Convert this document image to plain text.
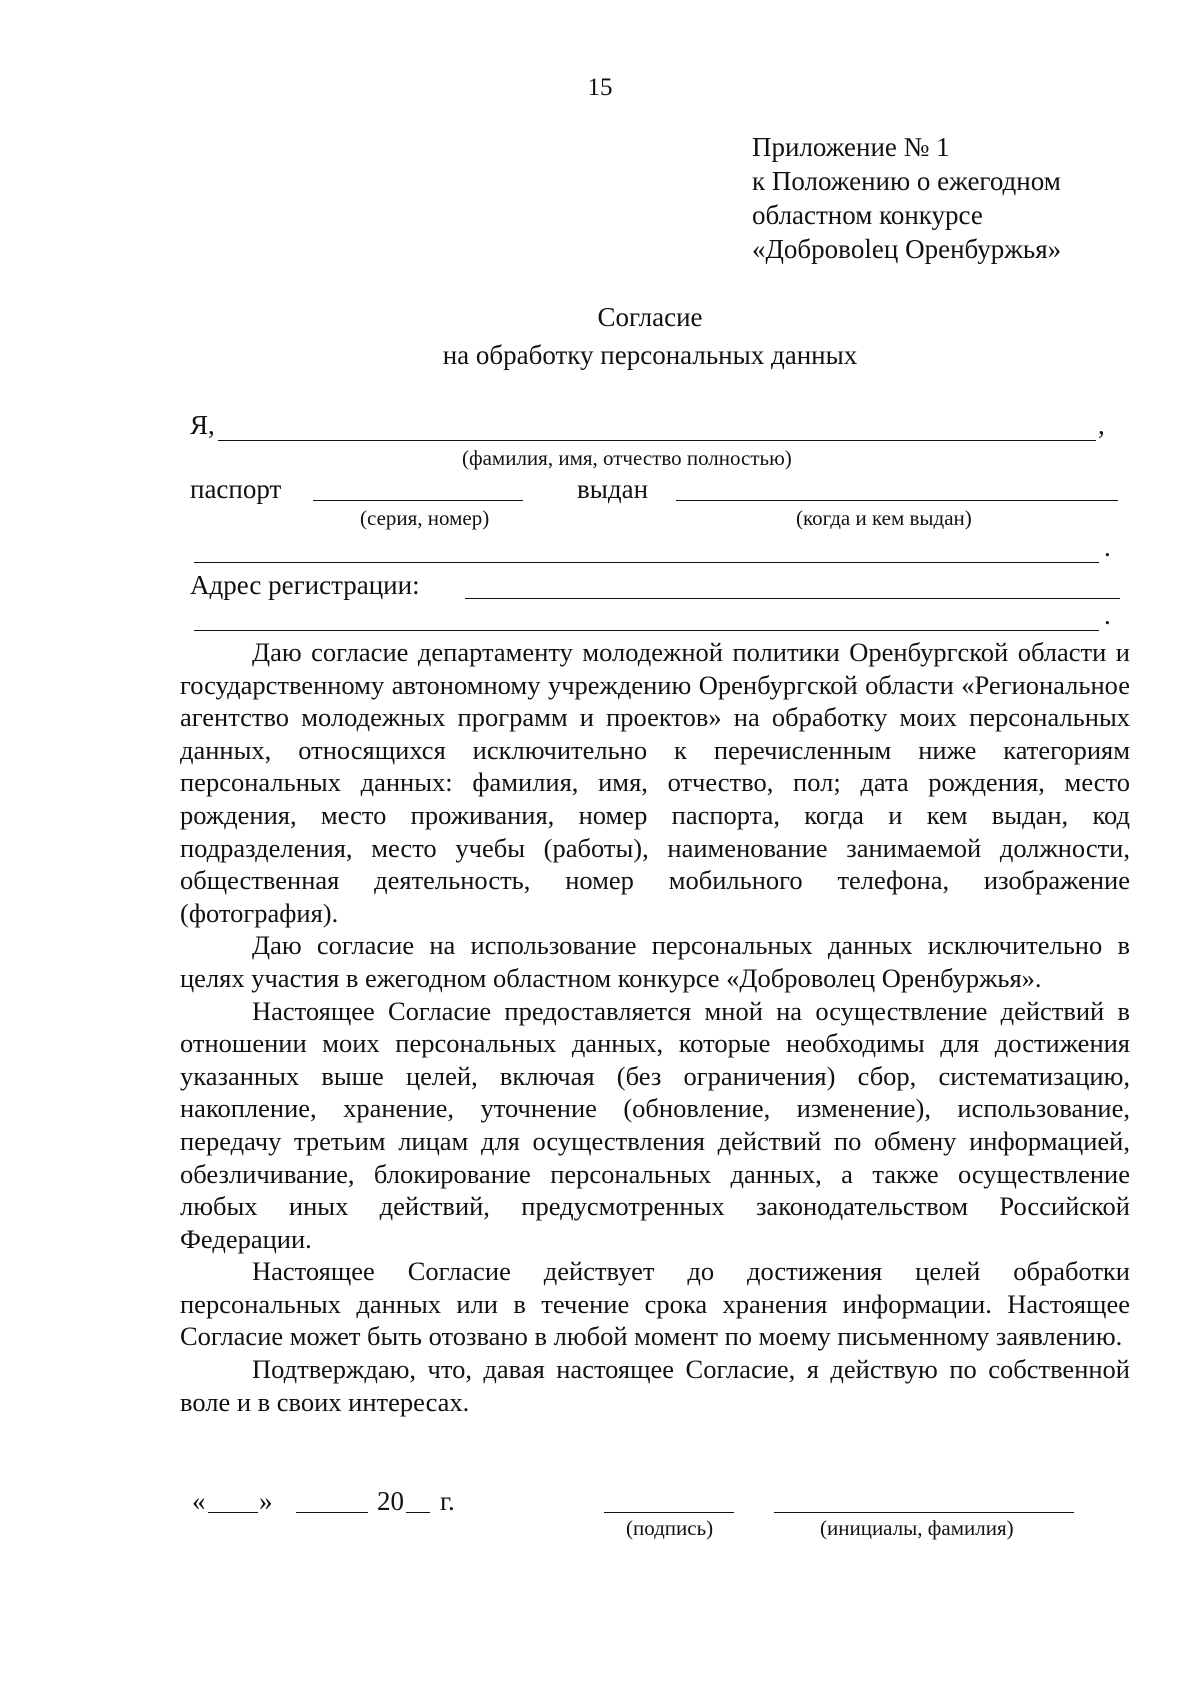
15
Приложение № 1
к Положению о ежегодном
областном конкурсе
«Добровolец Оренбуржья»
Согласие
на обработку персональных данных
Я,	,
(фамилия, имя, отчество полностью)
паспорт	выдан
(серия, номер)	(когда и кем выдан)
.
Адрес регистрации:
.

Даю согласие департаменту молодежной политики Оренбургской области и государственному автономному учреждению Оренбургской области «Региональное агентство молодежных программ и проектов» на обработку моих персональных данных, относящихся исключительно к перечисленным ниже категориям персональных данных: фамилия, имя, отчество, пол; дата рождения, место рождения, место проживания, номер паспорта, когда и кем выдан, код подразделения, место учебы (работы), наименование занимаемой должности, общественная деятельность, номер мобильного телефона, изображение (фотография).

Даю согласие на использование персональных данных исключительно в целях участия в ежегодном областном конкурсе «Доброволец Оренбуржья».

Настоящее Согласие предоставляется мной на осуществление действий в отношении моих персональных данных, которые необходимы для достижения указанных выше целей, включая (без ограничения) сбор, систематизацию, накопление, хранение, уточнение (обновление, изменение), использование, передачу третьим лицам для осуществления действий по обмену информацией, обезличивание, блокирование персональных данных, а также осуществление любых иных действий, предусмотренных законодательством Российской Федерации.

Настоящее Согласие действует до достижения целей обработки персональных данных или в течение срока хранения информации. Настоящее Согласие может быть отозвано в любой момент по моему письменному заявлению.

Подтверждаю, что, давая настоящее Согласие, я действую по собственной воле и в своих интересах.

« »	20 г.
(подпись)	(инициалы, фамилия)
